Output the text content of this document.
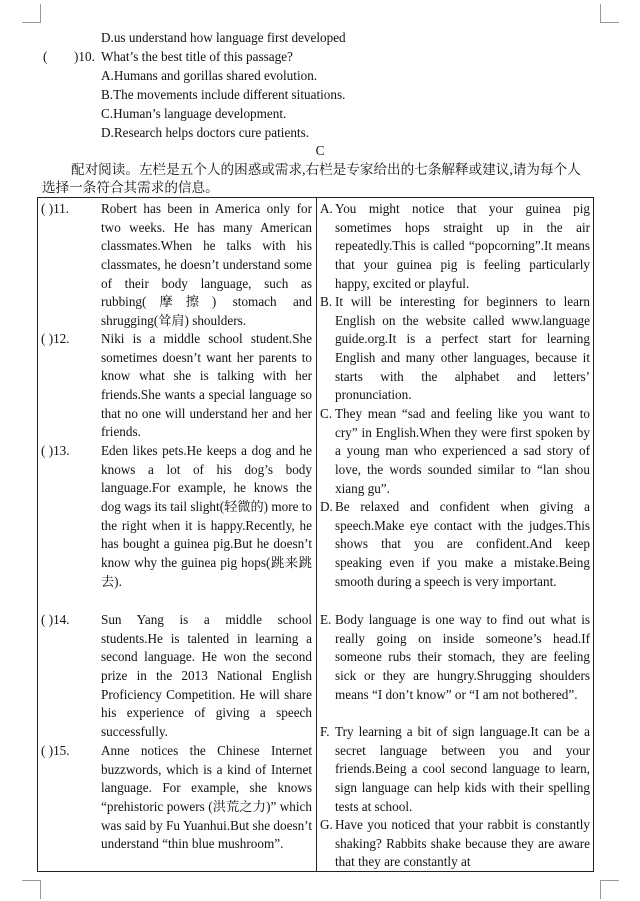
D.us understand how language first developed
( )10. What’s the best title of this passage?
A.Humans and gorillas shared evolution.
B.The movements include different situations.
C.Human’s language development.
D.Research helps doctors cure patients.
C

配对阅读。左栏是五个人的困惑或需求,右栏是专家给出的七条解释或建议,请为每个人选择一条符合其需求的信息。

( )11. Robert has been in America only for two weeks. He has many American classmates.When he talks with his classmates, he doesn’t understand some of their body language, such as rubbing(摩擦) stomach and shrugging(耸肩) shoulders.
( )12. Niki is a middle school student.She sometimes doesn’t want her parents to know what she is talking with her friends.She wants a special language so that no one will understand her and her friends.
( )13. Eden likes pets.He keeps a dog and he knows a lot of his dog’s body language.For example, he knows the dog wags its tail slight(轻微的) more to the right when it is happy.Recently, he has bought a guinea pig.But he doesn’t know why the guinea pig hops(跳来跳去).
( )14. Sun Yang is a middle school students.He is talented in learning a second language. He won the second prize in the 2013 National English Proficiency Competition. He will share his experience of giving a speech successfully.
( )15. Anne notices the Chinese Internet buzzwords, which is a kind of Internet language. For example, she knows “prehistoric powers (洪荒之力)” which was said by Fu Yuanhui.But she doesn’t understand “thin blue mushroom”.
A. You might notice that your guinea pig sometimes hops straight up in the air repeatedly.This is called “popcorning”.It means that your guinea pig is feeling particularly happy, excited or playful.
B. It will be interesting for beginners to learn English on the website called www.language guide.org.It is a perfect start for learning English and many other languages, because it starts with the alphabet and letters’ pronunciation.
C. They mean “sad and feeling like you want to cry” in English.When they were first spoken by a young man who experienced a sad story of love, the words sounded similar to “lan shou xiang gu”.
D. Be relaxed and confident when giving a speech.Make eye contact with the judges.This shows that you are confident.And keep speaking even if you make a mistake.Being smooth during a speech is very important.
E. Body language is one way to find out what is really going on inside someone’s head.If someone rubs their stomach, they are feeling sick or they are hungry.Shrugging shoulders means “I don’t know” or “I am not bothered”.
F. Try learning a bit of sign language.It can be a secret language between you and your friends.Being a cool second language to learn, sign language can help kids with their spelling tests at school.
G. Have you noticed that your rabbit is constantly shaking? Rabbits shake because they are aware that they are constantly at
